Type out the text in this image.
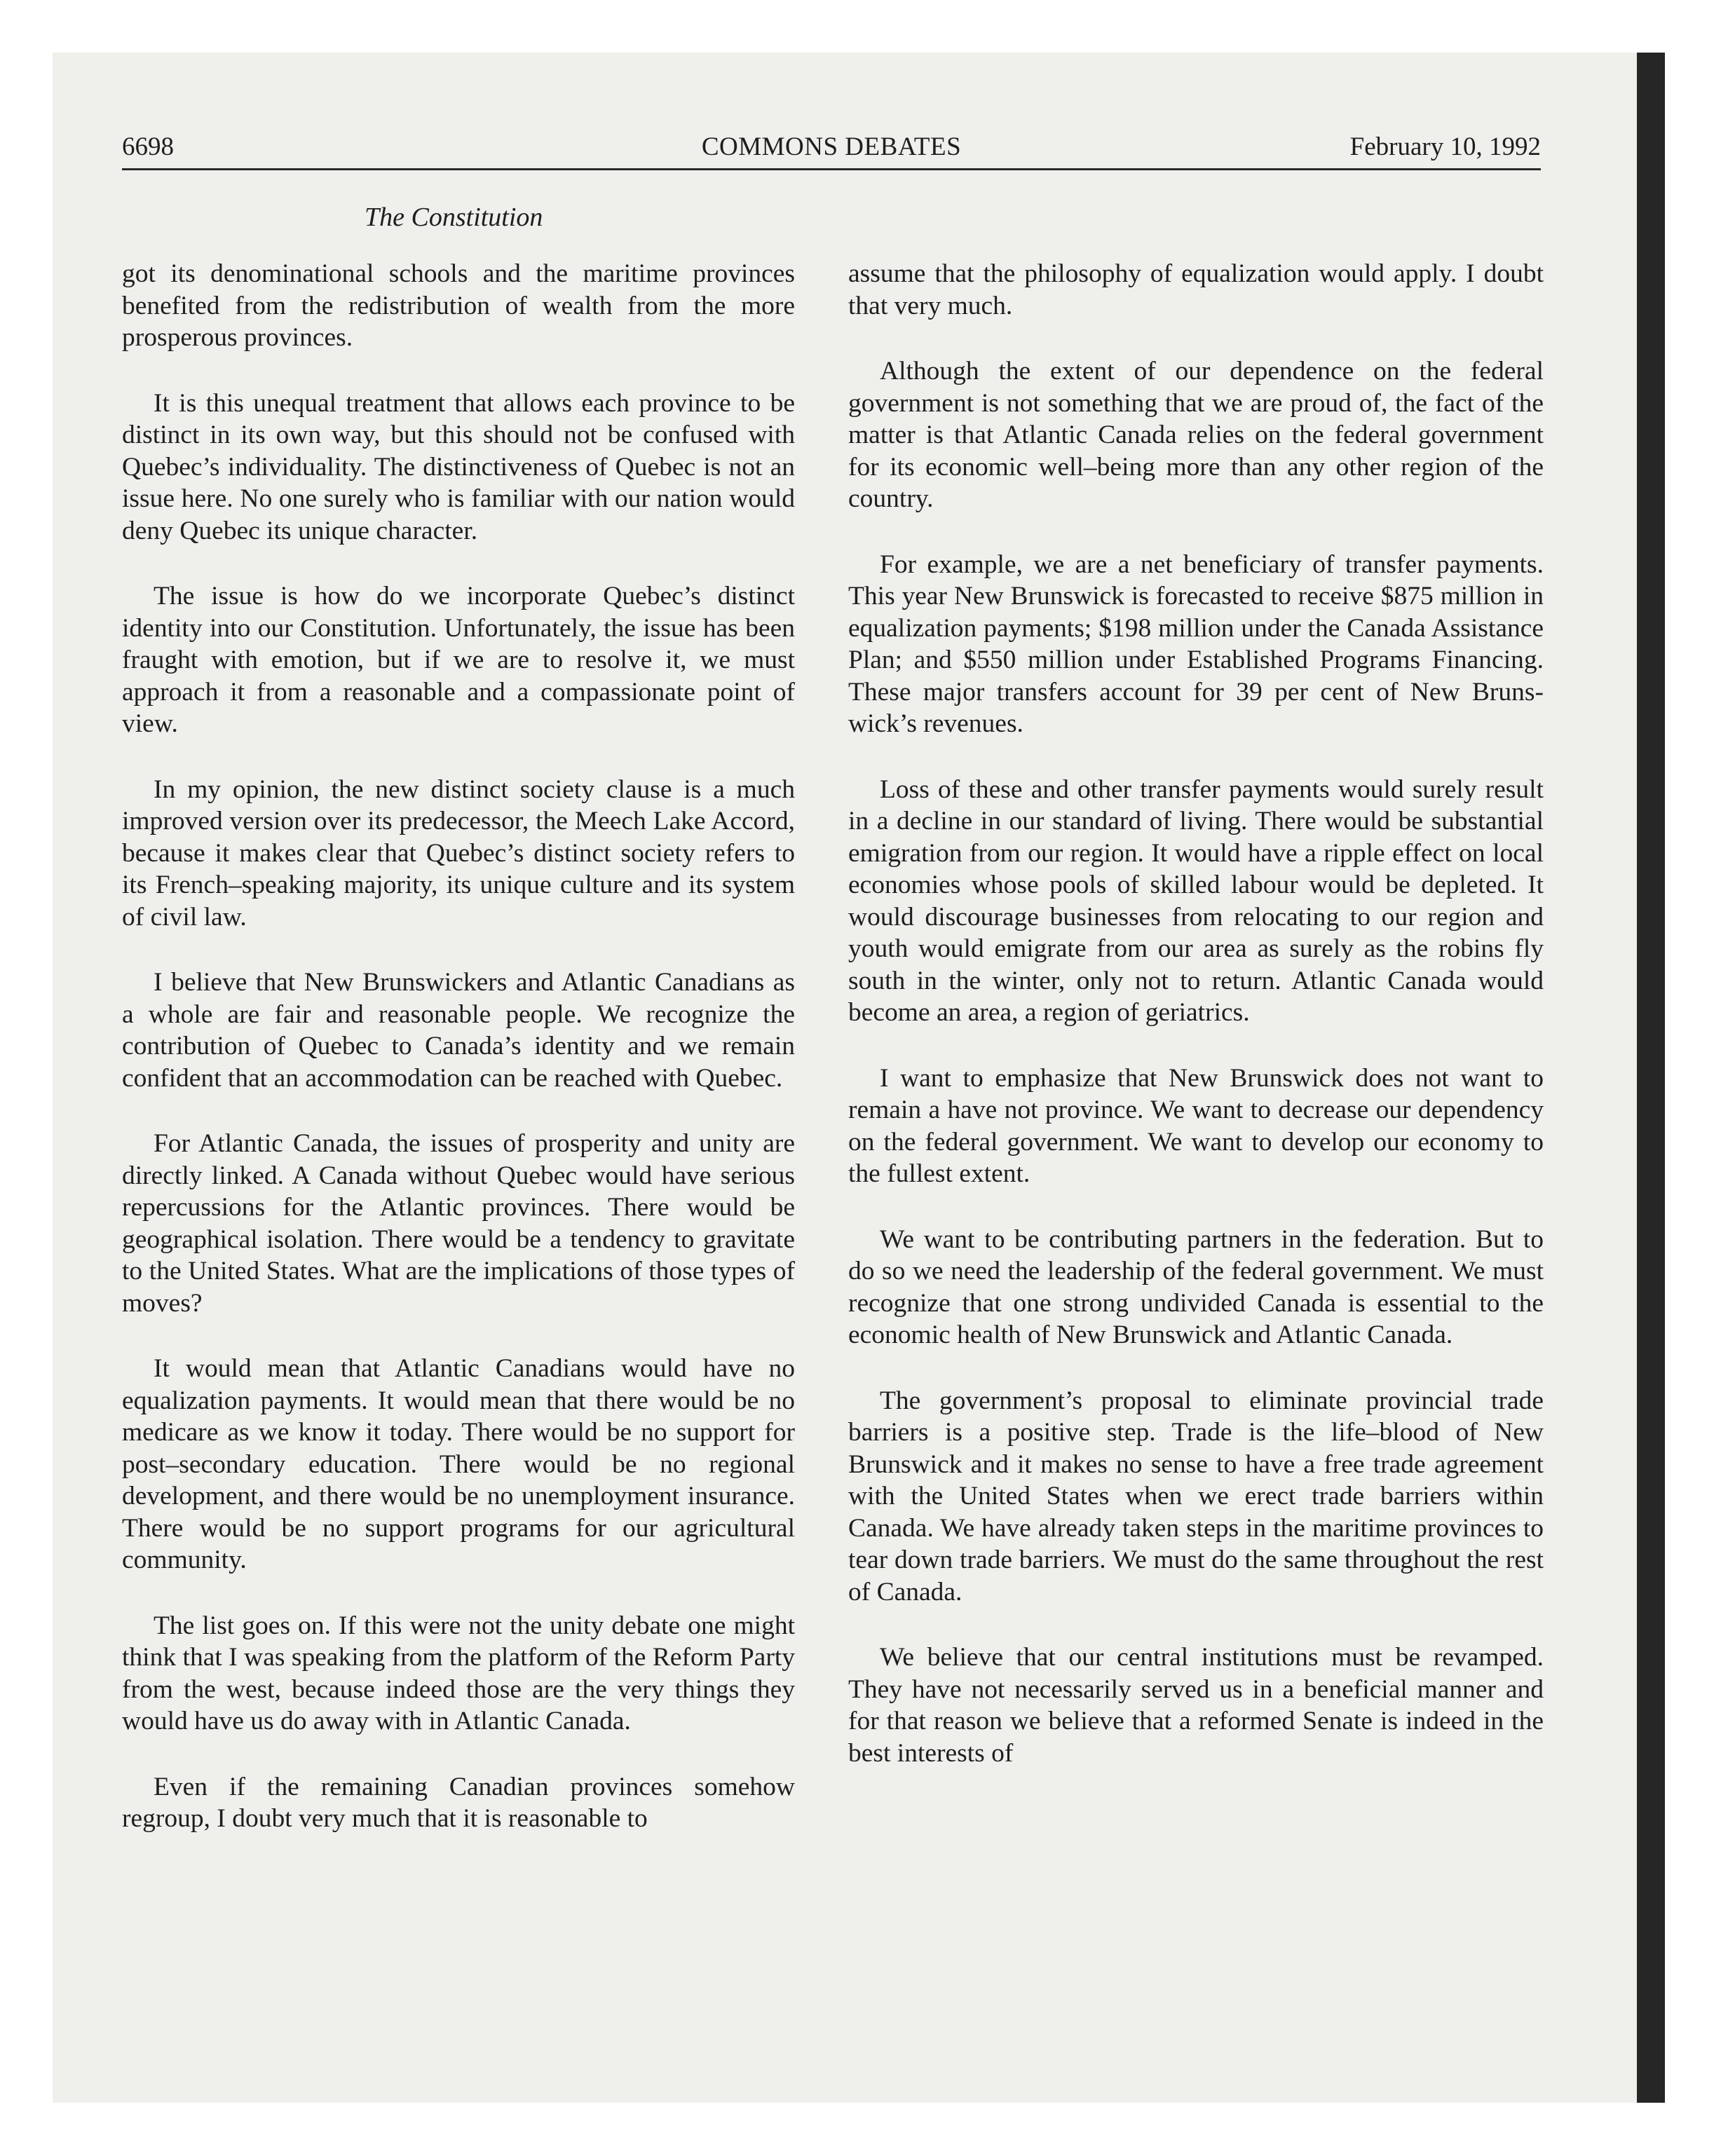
6698	COMMONS DEBATES	February 10, 1992
The Constitution

got its denominational schools and the maritime provinces benefited from the redistribution of wealth from the more prosperous provinces.

It is this unequal treatment that allows each province to be distinct in its own way, but this should not be confused with Quebec’s individuality. The distinctiveness of Quebec is not an issue here. No one surely who is familiar with our nation would deny Quebec its unique character.

The issue is how do we incorporate Quebec’s distinct identity into our Constitution. Unfortunately, the issue has been fraught with emotion, but if we are to resolve it, we must approach it from a reasonable and a compassionate point of view.

In my opinion, the new distinct society clause is a much improved version over its predecessor, the Meech Lake Accord, because it makes clear that Quebec’s distinct society refers to its French–speaking majority, its unique culture and its system of civil law.

I believe that New Brunswickers and Atlantic Canadians as a whole are fair and reasonable people. We recognize the contribution of Quebec to Canada’s identity and we remain confident that an accommodation can be reached with Quebec.

For Atlantic Canada, the issues of prosperity and unity are directly linked. A Canada without Quebec would have serious repercussions for the Atlantic provinces. There would be geographical isolation. There would be a tendency to gravitate to the United States. What are the implications of those types of moves?

It would mean that Atlantic Canadians would have no equalization payments. It would mean that there would be no medicare as we know it today. There would be no support for post–secondary education. There would be no regional development, and there would be no unemployment insurance. There would be no support programs for our agricultural community.

The list goes on. If this were not the unity debate one might think that I was speaking from the platform of the Reform Party from the west, because indeed those are the very things they would have us do away with in Atlantic Canada.

Even if the remaining Canadian provinces somehow regroup, I doubt very much that it is reasonable to

assume that the philosophy of equalization would apply. I doubt that very much.

Although the extent of our dependence on the federal government is not something that we are proud of, the fact of the matter is that Atlantic Canada relies on the federal government for its economic well–being more than any other region of the country.

For example, we are a net beneficiary of transfer payments. This year New Brunswick is forecasted to receive $875 million in equalization payments; $198 million under the Canada Assistance Plan; and $550 million under Established Programs Financing. These major transfers account for 39 per cent of New Brunswick’s revenues.

Loss of these and other transfer payments would surely result in a decline in our standard of living. There would be substantial emigration from our region. It would have a ripple effect on local economies whose pools of skilled labour would be depleted. It would discourage businesses from relocating to our region and youth would emigrate from our area as surely as the robins fly south in the winter, only not to return. Atlantic Canada would become an area, a region of geriatrics.

I want to emphasize that New Brunswick does not want to remain a have not province. We want to decrease our dependency on the federal government. We want to develop our economy to the fullest extent.

We want to be contributing partners in the federation. But to do so we need the leadership of the federal government. We must recognize that one strong undivided Canada is essential to the economic health of New Brunswick and Atlantic Canada.

The government’s proposal to eliminate provincial trade barriers is a positive step. Trade is the life–blood of New Brunswick and it makes no sense to have a free trade agreement with the United States when we erect trade barriers within Canada. We have already taken steps in the maritime provinces to tear down trade barriers. We must do the same throughout the rest of Canada.

We believe that our central institutions must be revamped. They have not necessarily served us in a beneficial manner and for that reason we believe that a reformed Senate is indeed in the best interests of
